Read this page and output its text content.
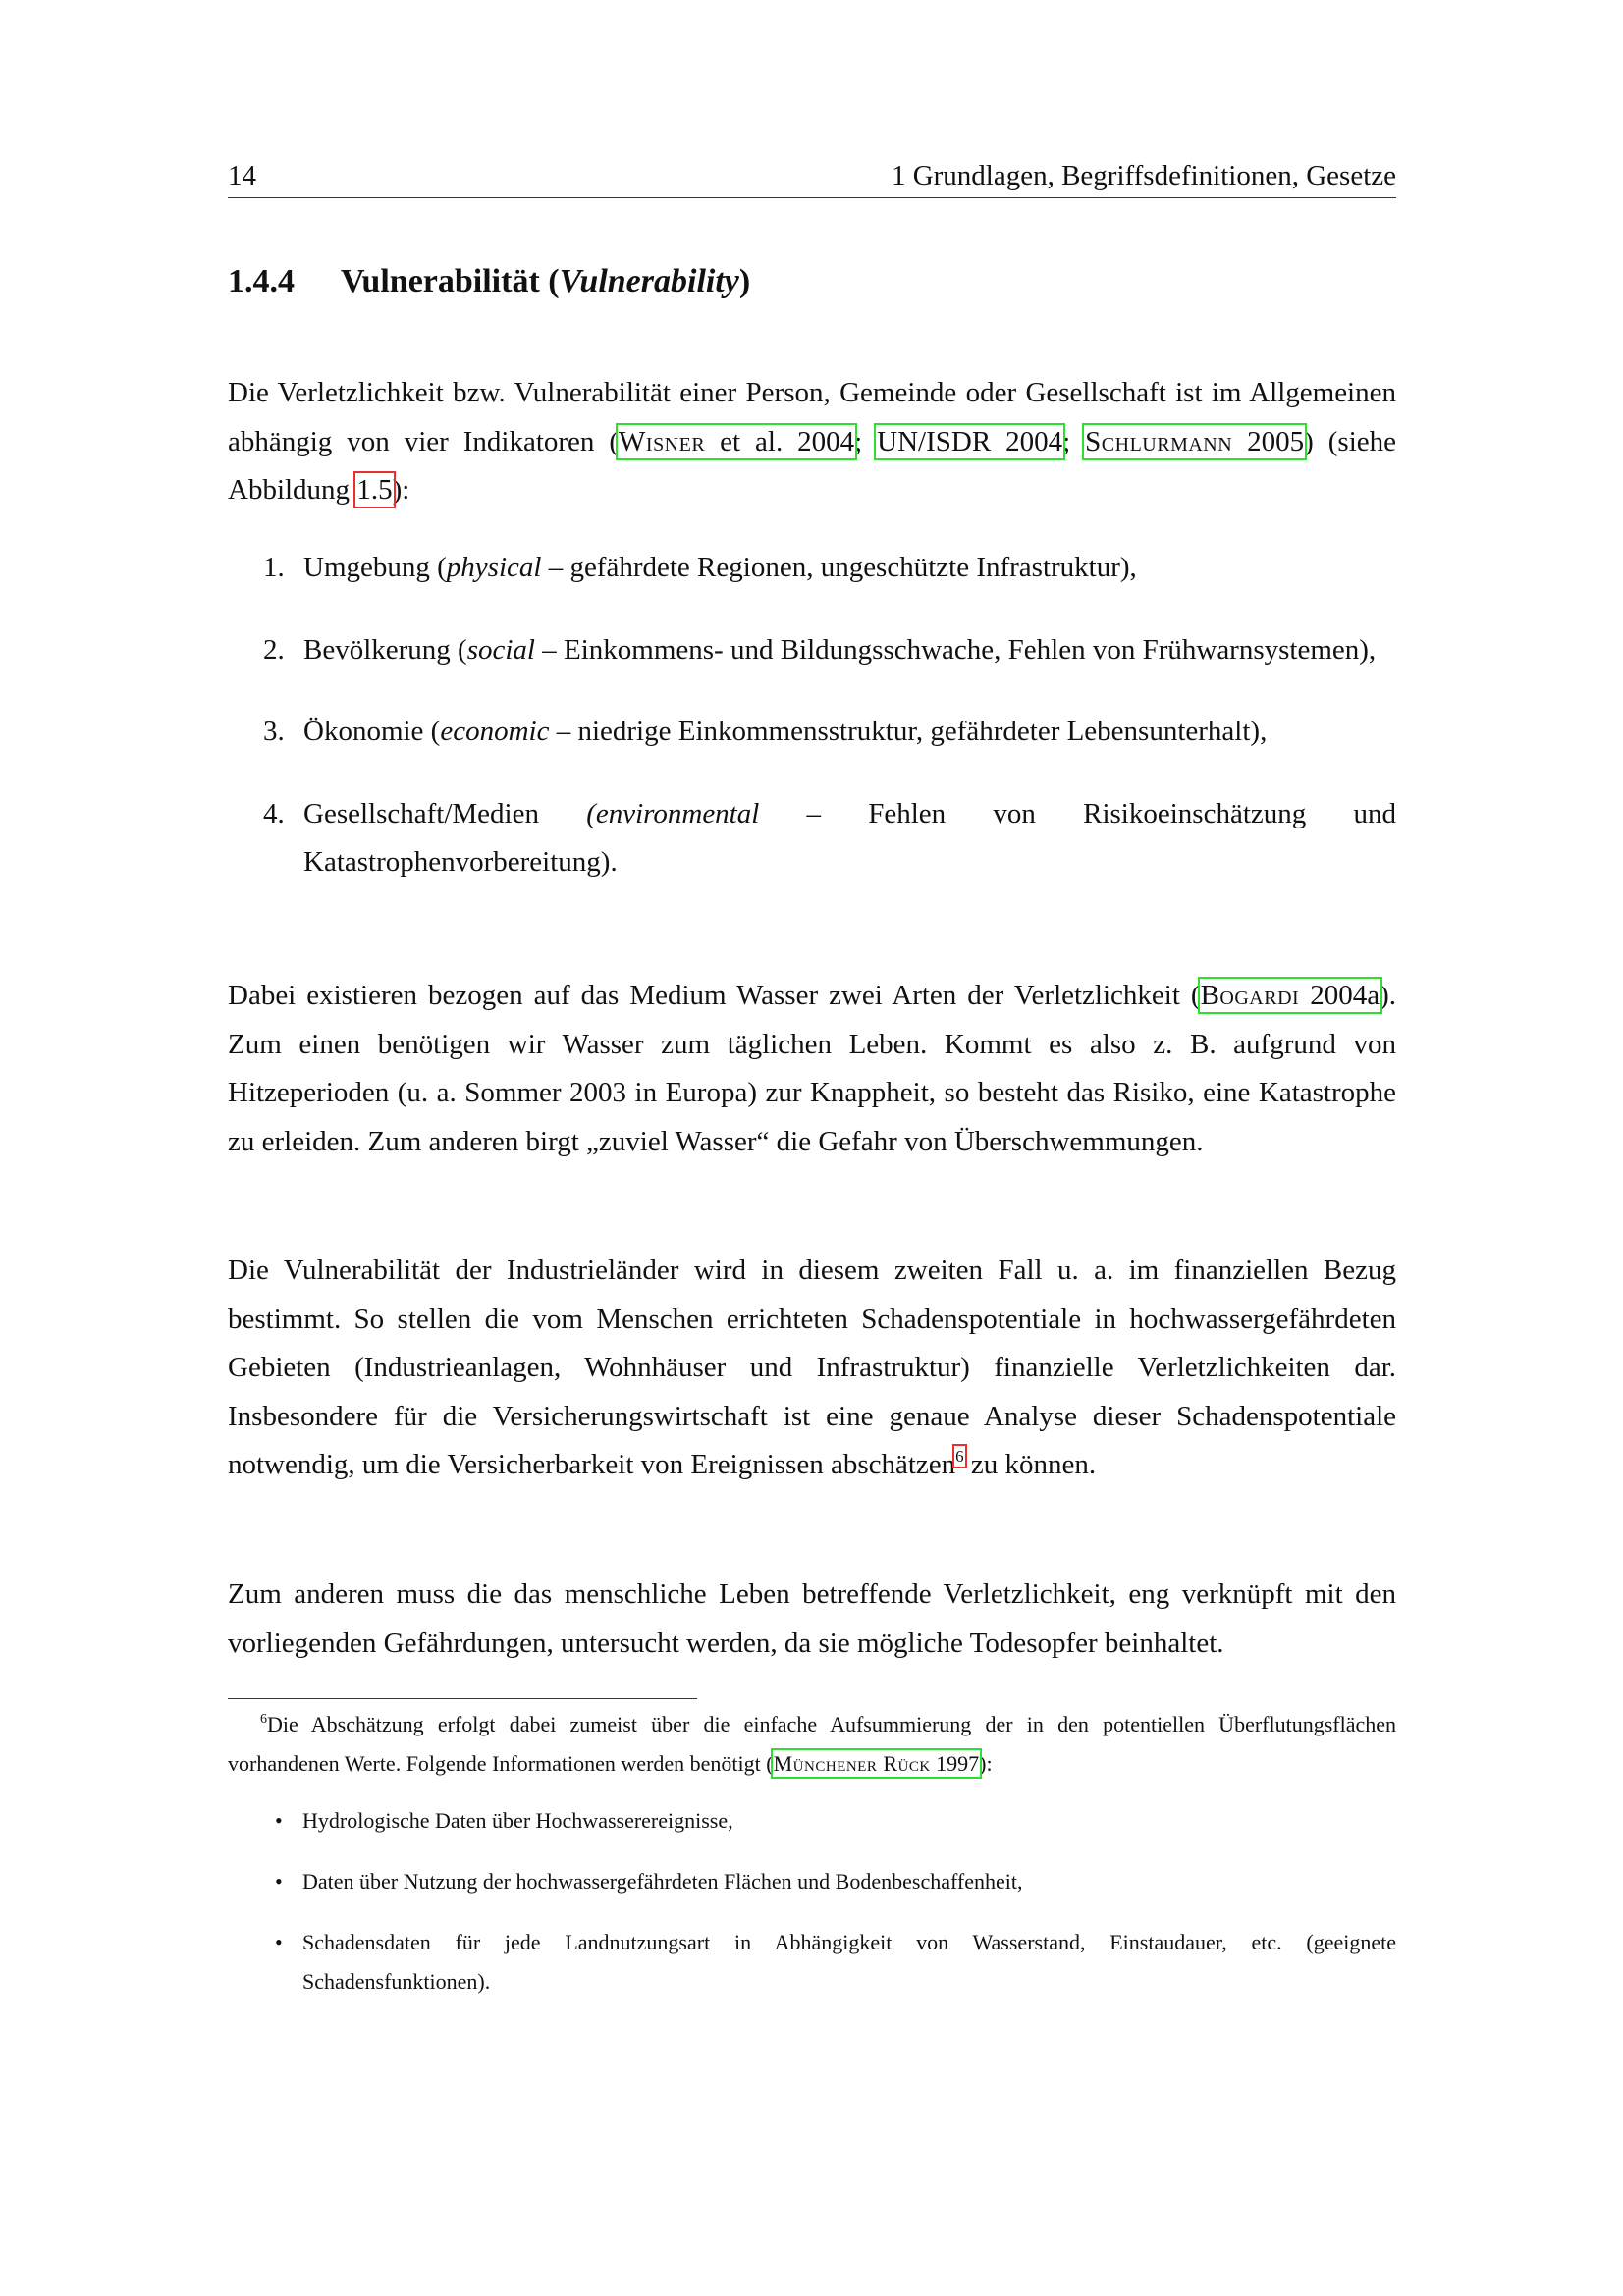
14	1 Grundlagen, Begriffsdefinitionen, Gesetze
1.4.4 Vulnerabilität (Vulnerability)
Die Verletzlichkeit bzw. Vulnerabilität einer Person, Gemeinde oder Gesellschaft ist im Allgemeinen abhängig von vier Indikatoren (Wisner et al. 2004; UN/ISDR 2004; Schlurmann 2005) (siehe Abbildung 1.5):
1. Umgebung (physical – gefährdete Regionen, ungeschützte Infrastruktur),
2. Bevölkerung (social – Einkommens- und Bildungsschwache, Fehlen von Frühwarnsystemen),
3. Ökonomie (economic – niedrige Einkommensstruktur, gefährdeter Lebensunterhalt),
4. Gesellschaft/Medien (environmental – Fehlen von Risikoeinschätzung und
Katastrophenvorbereitung).
Dabei existieren bezogen auf das Medium Wasser zwei Arten der Verletzlichkeit (Bogardi 2004a). Zum einen benötigen wir Wasser zum täglichen Leben. Kommt es also z. B. aufgrund von Hitzeperioden (u. a. Sommer 2003 in Europa) zur Knappheit, so besteht das Risiko, eine Katastrophe zu erleiden. Zum anderen birgt „zuviel Wasser“ die Gefahr von Überschwemmungen.
Die Vulnerabilität der Industrieländer wird in diesem zweiten Fall u. a. im finanziellen Bezug bestimmt. So stellen die vom Menschen errichteten Schadenspotentiale in hochwassergefährdeten Gebieten (Industrieanlagen, Wohnhäuser und Infrastruktur) finanzielle Verletzlichkeiten dar. Insbesondere für die Versicherungswirtschaft ist eine genaue Analyse dieser Schadenspotentiale notwendig, um die Versicherbarkeit von Ereignissen abschätzen$^6$ zu können.
Zum anderen muss die das menschliche Leben betreffende Verletzlichkeit, eng verknüpft mit den vorliegenden Gefährdungen, untersucht werden, da sie mögliche Todesopfer beinhaltet.
$^6$Die Abschätzung erfolgt dabei zumeist über die einfache Aufsummierung der in den potentiellen Überflutungsflächen vorhandenen Werte. Folgende Informationen werden benötigt (Münchener Rück 1997):
• Hydrologische Daten über Hochwasserereignisse,
• Daten über Nutzung der hochwassergefährdeten Flächen und Bodenbeschaffenheit,
• Schadensdaten für jede Landnutzungsart in Abhängigkeit von Wasserstand, Einstaudauer, etc. (geeignete Schadensfunktionen).
